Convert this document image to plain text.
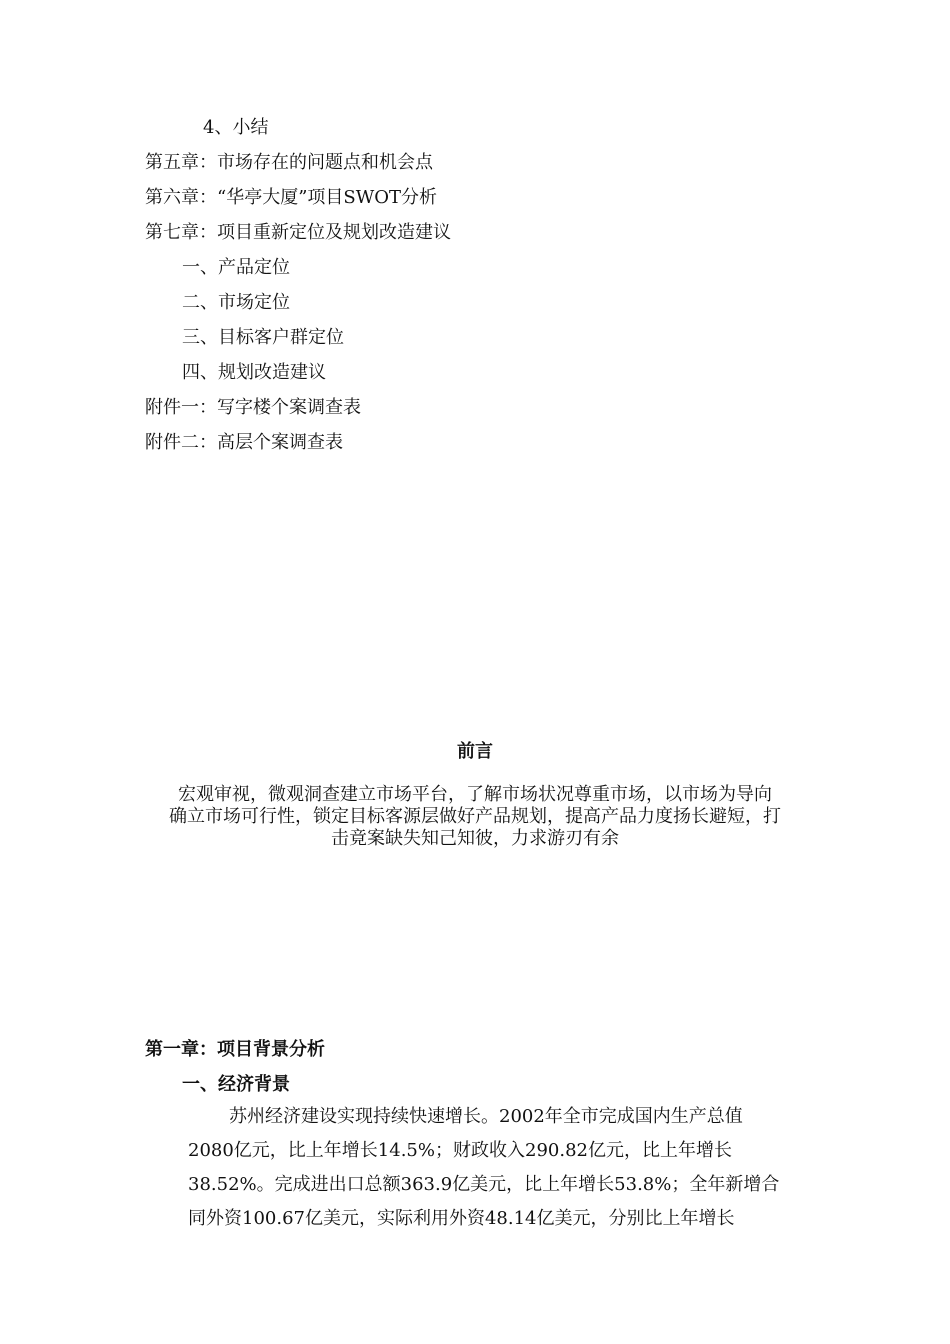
4、小结
第五章：市场存在的问题点和机会点
第六章：“华亭大厦”项目SWOT分析
第七章：项目重新定位及规划改造建议
一、产品定位
二、市场定位
三、目标客户群定位
四、规划改造建议
附件一：写字楼个案调查表
附件二：高层个案调查表
前言
宏观审视，微观洞查建立市场平台，了解市场状况尊重市场，以市场为导向
确立市场可行性，锁定目标客源层做好产品规划，提高产品力度扬长避短，打
击竟案缺失知己知彼，力求游刃有余
第一章：项目背景分析
一、经济背景
苏州经济建设实现持续快速增长。2002年全市完成国内生产总值
2080亿元，比上年增长14.5%；财政收入290.82亿元，比上年增长
38.52%。完成进出口总额363.9亿美元，比上年增长53.8%；全年新增合
同外资100.67亿美元，实际利用外资48.14亿美元，分别比上年增长
